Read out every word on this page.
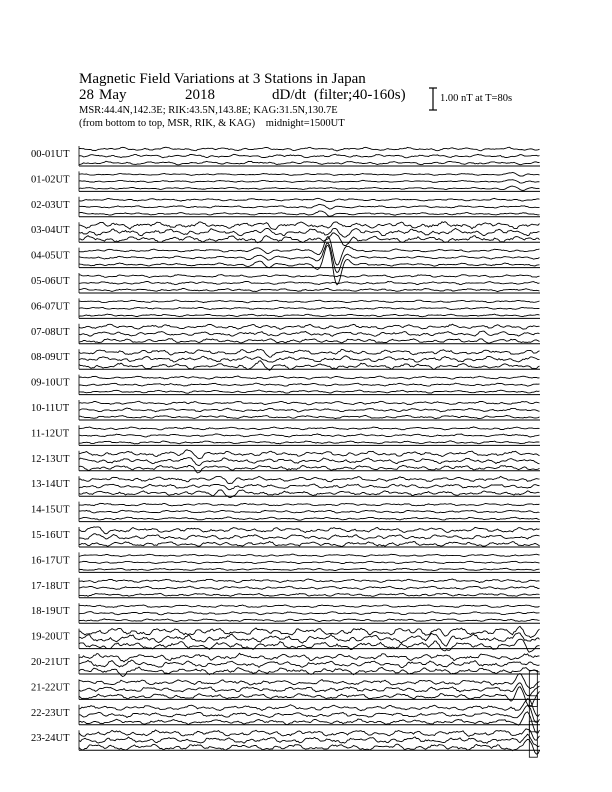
Magnetic Field Variations at 3 Stations in Japan
28 May	2018	dD/dt (filter;40-160s)
MSR:44.4N,142.3E; RIK:43.5N,143.8E; KAG:31.5N,130.7E
(from bottom to top, MSR, RIK, & KAG) midnight=1500UT
1.00 nT at T=80s
00-01UT
01-02UT
02-03UT
03-04UT
04-05UT
05-06UT
06-07UT
07-08UT
08-09UT
09-10UT
10-11UT
11-12UT
12-13UT
13-14UT
14-15UT
15-16UT
16-17UT
17-18UT
18-19UT
19-20UT
20-21UT
21-22UT
22-23UT
23-24UT
